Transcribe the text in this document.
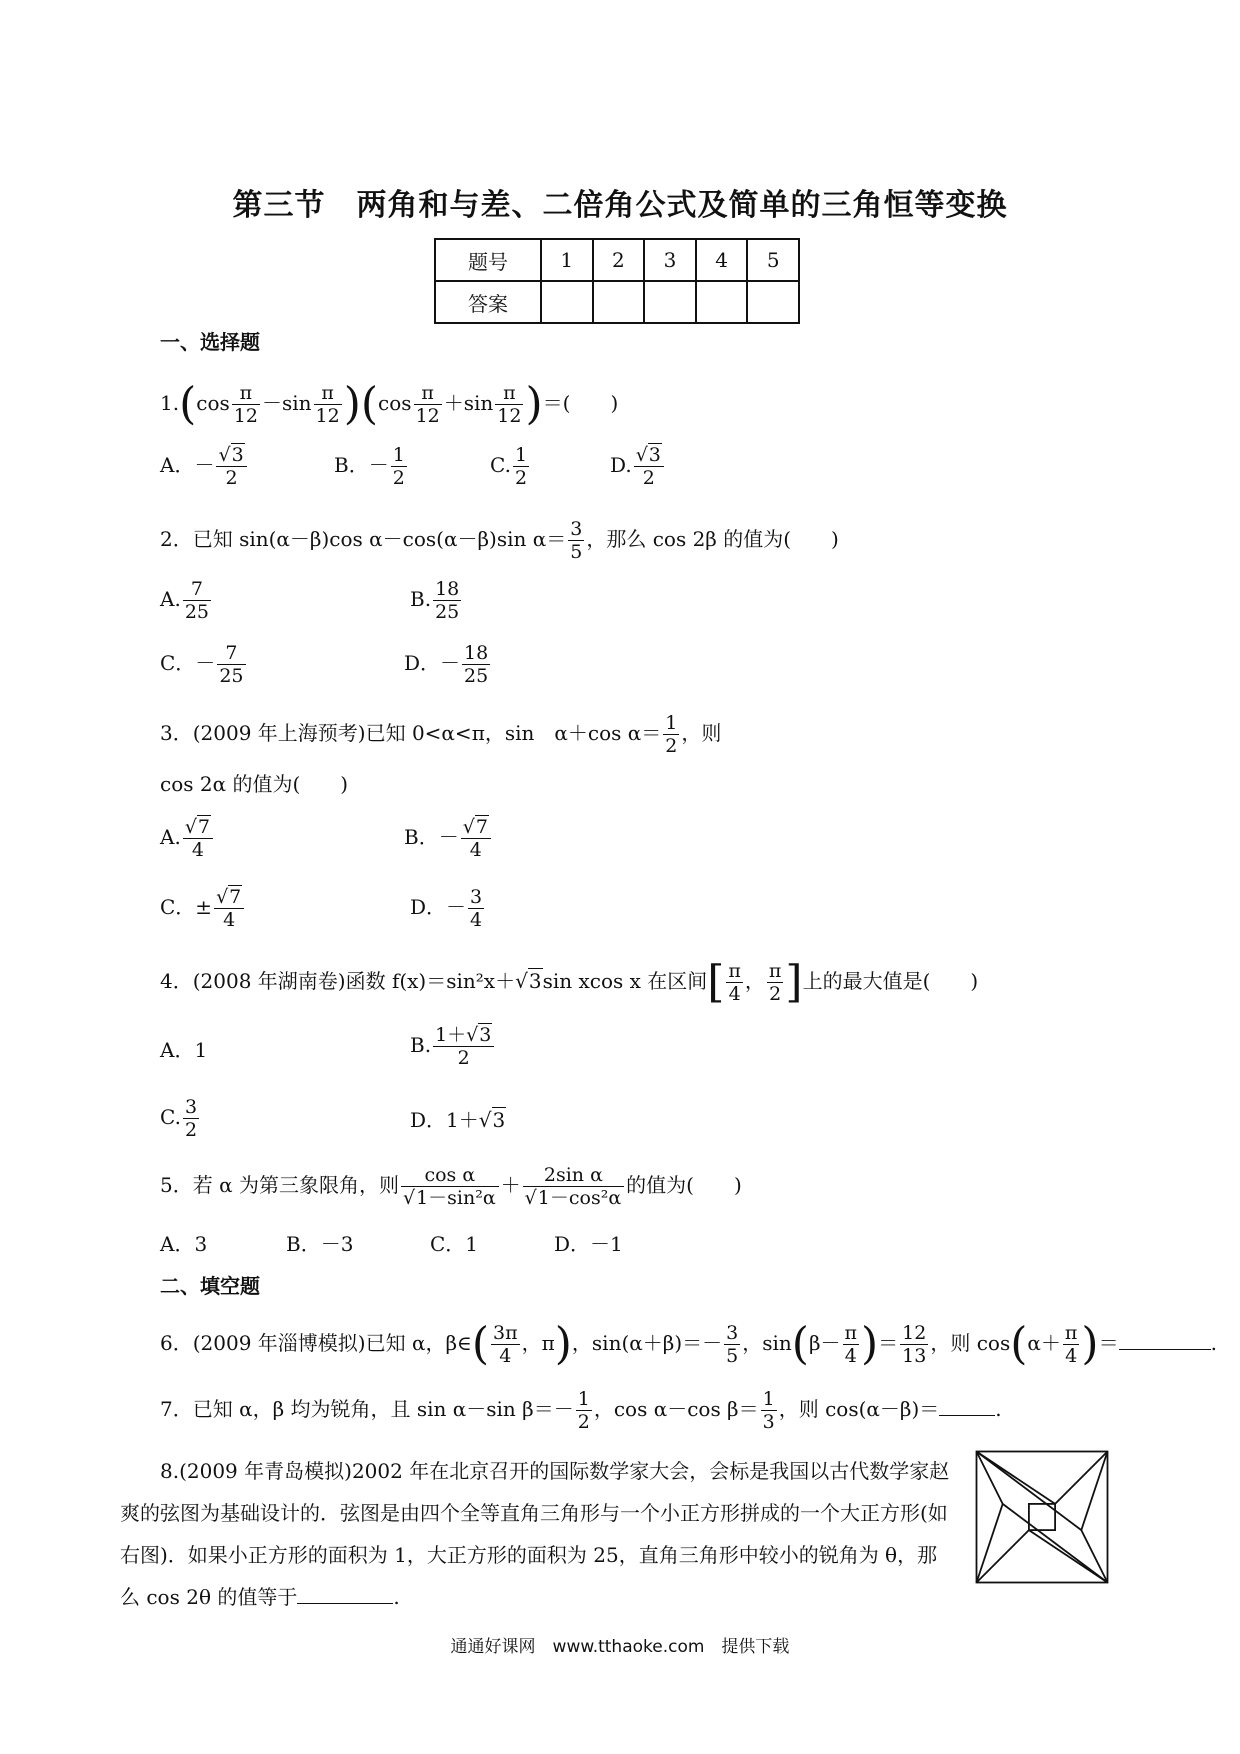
第三节　两角和与差、二倍角公式及简单的三角恒等变换
题号	1	2	3	4	5
答案					
一、选择题
$1.(\cos \frac{\pi}{12} -\sin \frac{\pi}{12} )(\cos \frac{\pi}{12} +\sin \frac{\pi}{12}$ )＝(　　)
A．－ $\frac{√3}{2}$	B．－ $\frac{1}{2}$	C. $\frac{1}{2}$	D. $\frac{√3}{2}$
2．已知 sin(α－β)cos α－cos(α－β)sin $\alpha= \frac{3}{5}$ ，那么 cos 2β 的值为(　　)
A. $\frac{7}{25}$	B. $\frac{18}{25}$
C．－ $\frac{7}{25}$	D．－ $\frac{18}{25}$
3．(2009 年上海预考)已知 0<α<π，sin　α＋cos $\alpha= \frac{1}{2}$ ，则
cos 2α 的值为(　　)
A. $\frac{√7}{4}$	B．－ $\frac{√7}{4}$
C．± $\frac{√7}{4}$	D．－ $\frac{3}{4}$
4．(2008 年湖南卷)函数 f(x)＝sin²x＋√3sin xcos x 在区间[ $\frac{\pi}{4}$ ， $\frac{\pi}{2}$ ]上的最大值是(　　)
A．1	B. $\frac{1+√3}{2}$
C. $\frac{3}{2}$	D．1＋√3
5．若 α 为第三象限角，则 $\frac{\text{cos α}}{\text{√1－sin²α}} + \frac{\text{2sin α}}{\text{√1－cos²α}}$ 的值为(　　)
A．3	B．－3	C．1	D．－1
二、填空题
6．(2009 年淄博模拟)已知 α，β∈( $\frac{3\pi}{4}$ ，π)，$\sin(\alpha+\beta)=- \frac{3}{5}$ ，$\sin(\beta- \frac{\pi}{4}$ )＝ $\frac{12}{13}$ ，则 $\cos(\alpha+ \frac{\pi}{4}$ )＝	.
7．已知 α，β 均为锐角，且 sin α－sin $\beta=- \frac{1}{2}$ ，cos α－cos $\beta= \frac{1}{3}$ ，则 cos(α－β)＝	.
8.(2009 年青岛模拟)2002 年在北京召开的国际数学家大会，会标是我国以古代数学家赵爽的弦图为基础设计的．弦图是由四个全等直角三角形与一个小正方形拼成的一个大正方形(如右图)．如果小正方形的面积为 1，大正方形的面积为 25，直角三角形中较小的锐角为 θ，那么 cos 2θ 的值等于	.
通通好课网　www.tthaoke.com　提供下载
